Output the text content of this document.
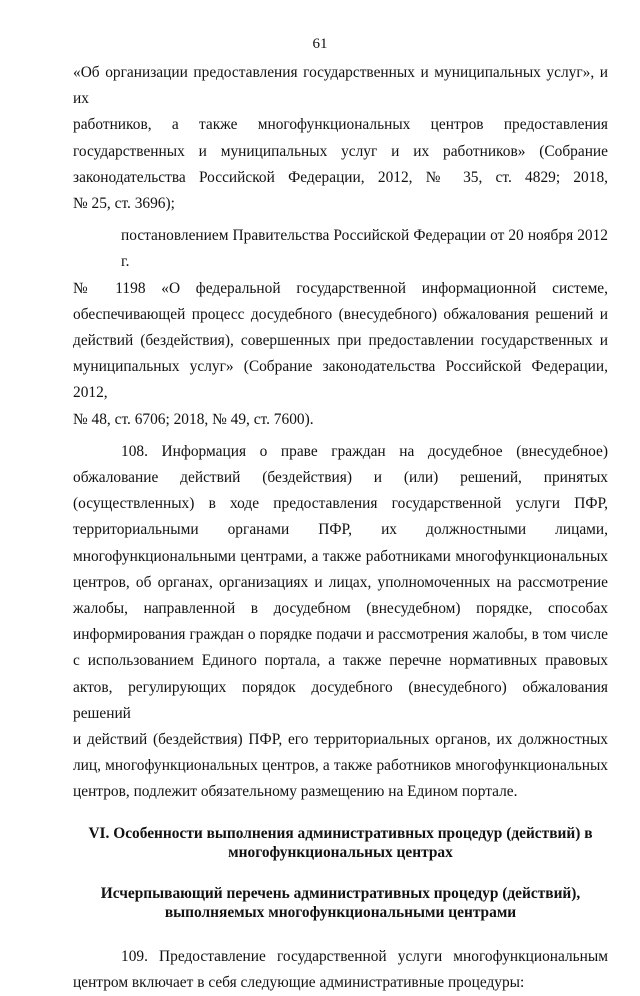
61

«Об организации предоставления государственных и муниципальных услуг», и их
работников, а также многофункциональных центров предоставления
государственных и муниципальных услуг и их работников» (Собрание
законодательства Российской Федерации, 2012, № 35, ст. 4829; 2018,
№ 25, ст. 3696);

постановлением Правительства Российской Федерации от 20 ноября 2012 г.
№ 1198 «О федеральной государственной информационной системе,
обеспечивающей процесс досудебного (внесудебного) обжалования решений и
действий (бездействия), совершенных при предоставлении государственных и
муниципальных услуг» (Собрание законодательства Российской Федерации, 2012,
№ 48, ст. 6706; 2018, № 49, ст. 7600).

108. Информация о праве граждан на досудебное (внесудебное)
обжалование действий (бездействия) и (или) решений, принятых
(осуществленных) в ходе предоставления государственной услуги ПФР,
территориальными органами ПФР, их должностными лицами,
многофункциональными центрами, а также работниками многофункциональных
центров, об органах, организациях и лицах, уполномоченных на рассмотрение
жалобы, направленной в досудебном (внесудебном) порядке, способах
информирования граждан о порядке подачи и рассмотрения жалобы, в том числе
с использованием Единого портала, а также перечне нормативных правовых
актов, регулирующих порядок досудебного (внесудебного) обжалования решений
и действий (бездействия) ПФР, его территориальных органов, их должностных
лиц, многофункциональных центров, а также работников многофункциональных
центров, подлежит обязательному размещению на Едином портале.

VI. Особенности выполнения административных процедур (действий) в
многофункциональных центрах
Исчерпывающий перечень административных процедур (действий),
выполняемых многофункциональными центрами

109. Предоставление государственной услуги многофункциональным
центром включает в себя следующие административные процедуры:
